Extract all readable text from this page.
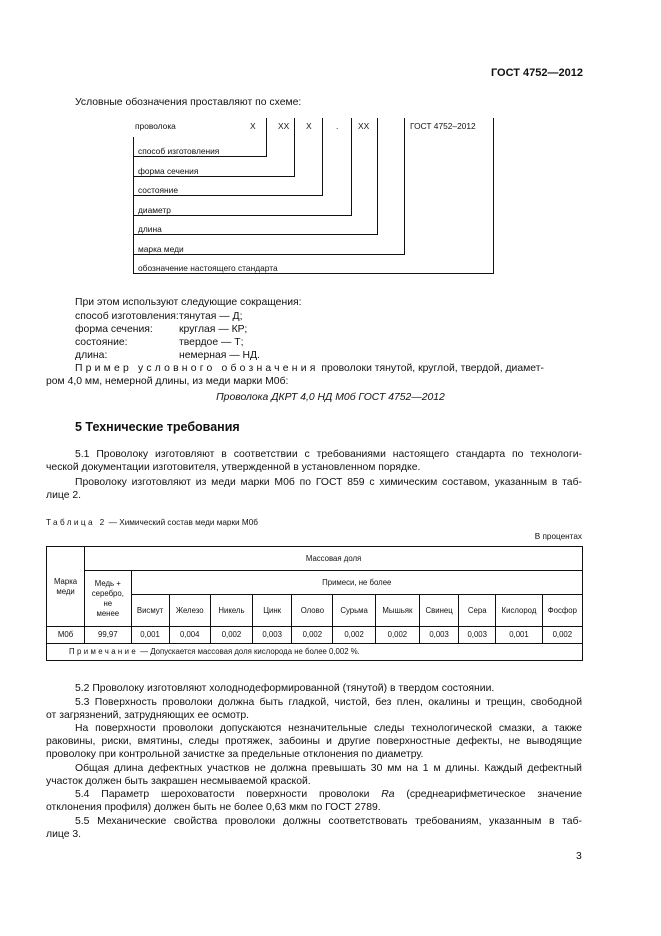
ГОСТ 4752—2012
Условные обозначения проставляют по схеме:
проволока	Х	ХХ Х	. ХХ	ГОСТ 4752–2012
способ изготовления
форма сечения
состояние
диаметр
длина
марка меди
обозначение настоящего стандарта
При этом используют следующие сокращения:
способ изготовления: тянутая — Д;
форма сечения:	круглая — КР;
состояние:	твердое — Т;
длина:	немерная — НД.
Пример условного обозначения проволоки тянутой, круглой, твердой, диамет-
ром 4,0 мм, немерной длины, из меди марки М0б:
Проволока ДКРТ 4,0 НД М0б ГОСТ 4752—2012
5 Технические требования
5.1 Проволоку изготовляют в соответствии с требованиями настоящего стандарта по технологи-
ческой документации изготовителя, утвержденной в установленном порядке.
Проволоку изготовляют из меди марки М0б по ГОСТ 859 с химическим составом, указанным в таб-
лице 2.
Таблица 2 — Химический состав меди марки М0б
В процентах
Марка
меди	Массовая доля											
	Медь +
серебро,
не
менее	Примеси, не более										
		Висмут	Железо	Никель	Цинк	Олово	Сурьма	Мышьяк	Свинец	Сера	Кислород	Фосфор
М0б	99,97	0,001	0,004	0,002	0,003	0,002	0,002	0,002	0,003	0,003	0,001	0,002
Примечание — Допускается массовая доля кислорода не более 0,002 %.												
5.2 Проволоку изготовляют холоднодеформированной (тянутой) в твердом состоянии.
5.3 Поверхность проволоки должна быть гладкой, чистой, без плен, окалины и трещин, свободной
от загрязнений, затрудняющих ее осмотр.
На поверхности проволоки допускаются незначительные следы технологической смазки, а также
раковины, риски, вмятины, следы протяжек, забоины и другие поверхностные дефекты, не выводящие
проволоку при контрольной зачистке за предельные отклонения по диаметру.
Общая длина дефектных участков не должна превышать 30 мм на 1 м длины. Каждый дефектный
участок должен быть закрашен несмываемой краской.
5.4 Параметр шероховатости поверхности проволоки Ra (среднеарифметическое значение
отклонения профиля) должен быть не более 0,63 мкм по ГОСТ 2789.
5.5 Механические свойства проволоки должны соответствовать требованиям, указанным в таб-
лице 3.
3
